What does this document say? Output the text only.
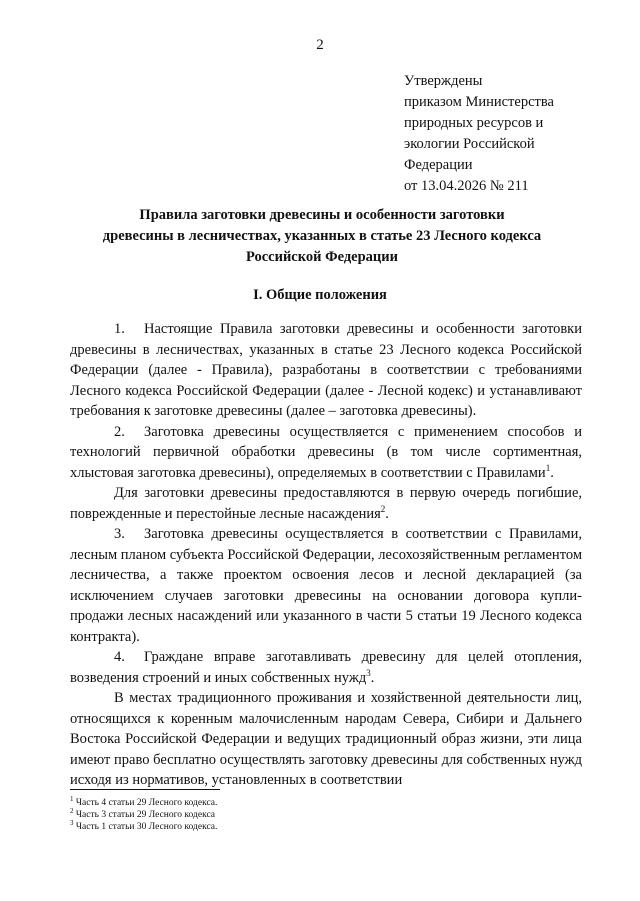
2
Утверждены
приказом Министерства
природных ресурсов и
экологии Российской
Федерации
от 13.04.2026 № 211
Правила заготовки древесины и особенности заготовки
древесины в лесничествах, указанных в статье 23 Лесного кодекса
Российской Федерации
I. Общие положения

1. Настоящие Правила заготовки древесины и особенности заготовки древесины в лесничествах, указанных в статье 23 Лесного кодекса Российской Федерации (далее - Правила), разработаны в соответствии с требованиями Лесного кодекса Российской Федерации (далее - Лесной кодекс) и устанавливают требования к заготовке древесины (далее – заготовка древесины).

2. Заготовка древесины осуществляется с применением способов и технологий первичной обработки древесины (в том числе сортиментная, хлыстовая заготовка древесины), определяемых в соответствии с Правилами$^1$.

Для заготовки древесины предоставляются в первую очередь погибшие, поврежденные и перестойные лесные насаждения$^2$.

3. Заготовка древесины осуществляется в соответствии с Правилами, лесным планом субъекта Российской Федерации, лесохозяйственным регламентом лесничества, а также проектом освоения лесов и лесной декларацией (за исключением случаев заготовки древесины на основании договора купли-продажи лесных насаждений или указанного в части 5 статьи 19 Лесного кодекса контракта).

4. Граждане вправе заготавливать древесину для целей отопления, возведения строений и иных собственных нужд$^3$.

В местах традиционного проживания и хозяйственной деятельности лиц, относящихся к коренным малочисленным народам Севера, Сибири и Дальнего Востока Российской Федерации и ведущих традиционный образ жизни, эти лица имеют право бесплатно осуществлять заготовку древесины для собственных нужд исходя из нормативов, установленных в соответствии

$^1$ Часть 4 статьи 29 Лесного кодекса.
$^2$ Часть 3 статьи 29 Лесного кодекса
$^3$ Часть 1 статьи 30 Лесного кодекса.
